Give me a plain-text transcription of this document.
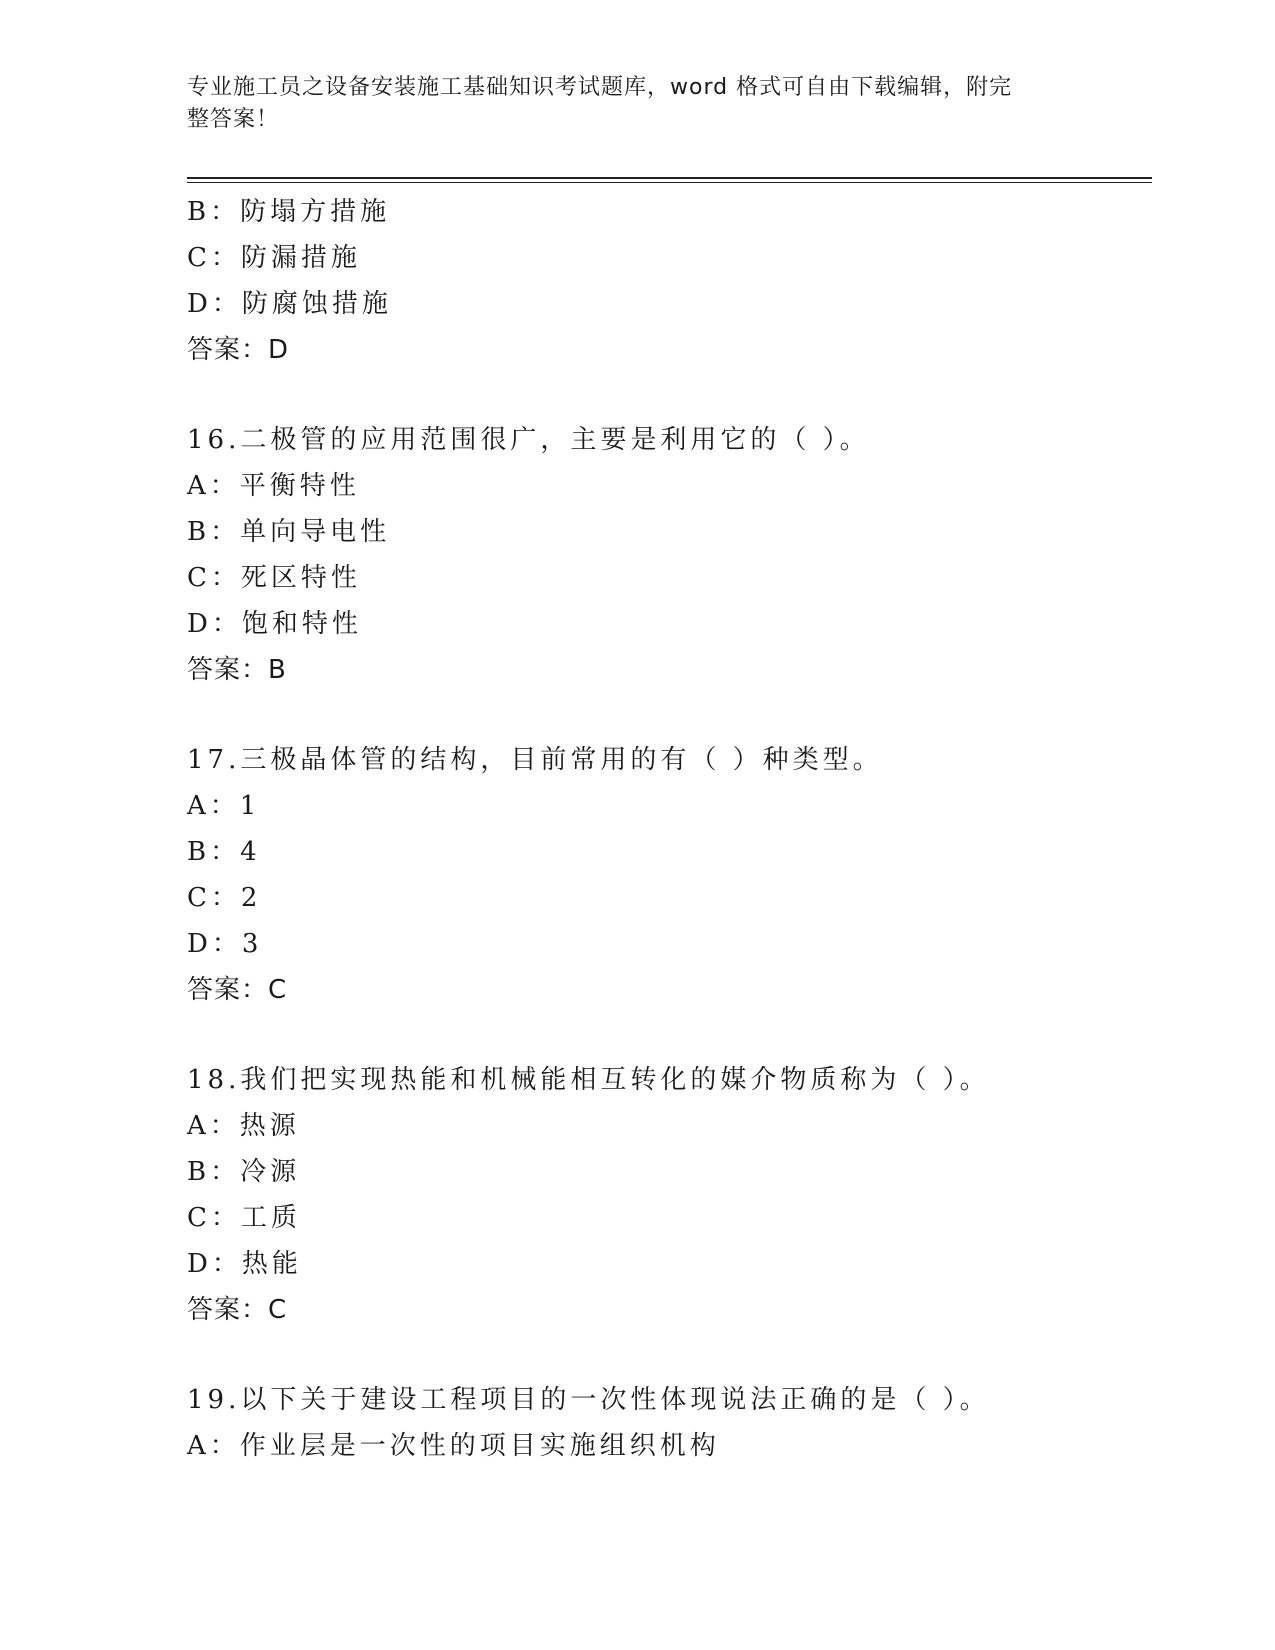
专业施工员之设备安装施工基础知识考试题库，word 格式可自由下载编辑，附完
整答案！
B：防塌方措施
C：防漏措施
D：防腐蚀措施
答案：D
16.二极管的应用范围很广，主要是利用它的（ ）。
A：平衡特性
B：单向导电性
C：死区特性
D：饱和特性
答案：B
17.三极晶体管的结构，目前常用的有（ ）种类型。
A：1
B：4
C：2
D：3
答案：C
18.我们把实现热能和机械能相互转化的媒介物质称为（ ）。
A：热源
B：冷源
C：工质
D：热能
答案：C
19.以下关于建设工程项目的一次性体现说法正确的是（ ）。
A：作业层是一次性的项目实施组织机构
